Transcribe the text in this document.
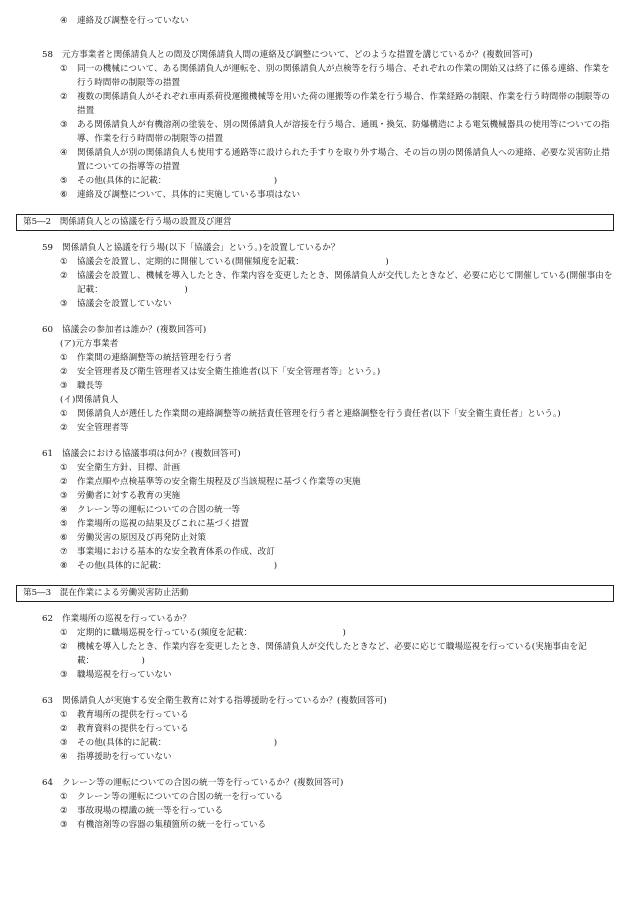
④	連絡及び調整を行っていない
58	元方事業者と関係請負人との間及び関係請負人間の連絡及び調整について、どのような措置を講じているか？(複数回答可)
①	同一の機械について、ある関係請負人が運転を、別の関係請負人が点検等を行う場合、それぞれの作業の開始又は終了に係る連絡、作業を行う時間帯の制限等の措置
②	複数の関係請負人がそれぞれ車両系荷役運搬機械等を用いた荷の運搬等の作業を行う場合、作業経路の制限、作業を行う時間帯の制限等の措置
③	ある関係請負人が有機溶剤の塗装を、別の関係請負人が溶接を行う場合、通風・換気、防爆構造による電気機械器具の使用等についての指導、作業を行う時間帯の制限等の措置
④	関係請負人が別の関係請負人も使用する通路等に設けられた手すりを取り外す場合、その旨の別の関係請負人への連絡、必要な災害防止措置についての指導等の措置
⑤	その他(具体的に記載：　　　　　　　　　　　　　)
⑥	連絡及び調整について、具体的に実施している事項はない
第5―2　関係請負人との協議を行う場の設置及び運営
59	関係請負人と協議を行う場(以下「協議会」という。)を設置しているか？
①	協議会を設置し、定期的に開催している(開催頻度を記載：　　　　　　　　　　)
②	協議会を設置し、機械を導入したとき、作業内容を変更したとき、関係請負人が交代したときなど、必要に応じて開催している(開催事由を記載：　　　　　　　　　　)
③	協議会を設置していない
60	協議会の参加者は誰か？(複数回答可)
(ア)元方事業者
①	作業間の連絡調整等の統括管理を行う者
②	安全管理者及び衛生管理者又は安全衛生推進者(以下「安全管理者等」という。)
③	職長等
(イ)関係請負人
①	関係請負人が選任した作業間の連絡調整等の統括責任管理を行う者と連絡調整を行う責任者(以下「安全衛生責任者」という。)
②	安全管理者等
61	協議会における協議事項は何か？(複数回答可)
①	安全衛生方針、目標、計画
②	作業点順や点検基準等の安全衛生規程及び当該規程に基づく作業等の実施
③	労働者に対する教育の実施
④	クレーン等の運転についての合図の統一等
⑤	作業場所の巡視の結果及びこれに基づく措置
⑥	労働災害の原因及び再発防止対策
⑦	事業場における基本的な安全教育体系の作成、改訂
⑧	その他(具体的に記載：　　　　　　　　　　　　　)
第5―3　混在作業による労働災害防止活動
62	作業場所の巡視を行っているか？
①	定期的に職場巡視を行っている(頻度を記載：　　　　　　　　　　　)
②	機械を導入したとき、作業内容を変更したとき、関係請負人が交代したときなど、必要に応じて職場巡視を行っている(実施事由を記載：　　　　　　)
③	職場巡視を行っていない
63	関係請負人が実施する安全衛生教育に対する指導援助を行っているか？(複数回答可)
①	教育場所の提供を行っている
②	教育資料の提供を行っている
③	その他(具体的に記載：　　　　　　　　　　　　　)
④	指導援助を行っていない
64	クレーン等の運転についての合図の統一等を行っているか？(複数回答可)
①	クレーン等の運転についての合図の統一を行っている
②	事故現場の標識の統一等を行っている
③	有機溶剤等の容器の集積箇所の統一を行っている
